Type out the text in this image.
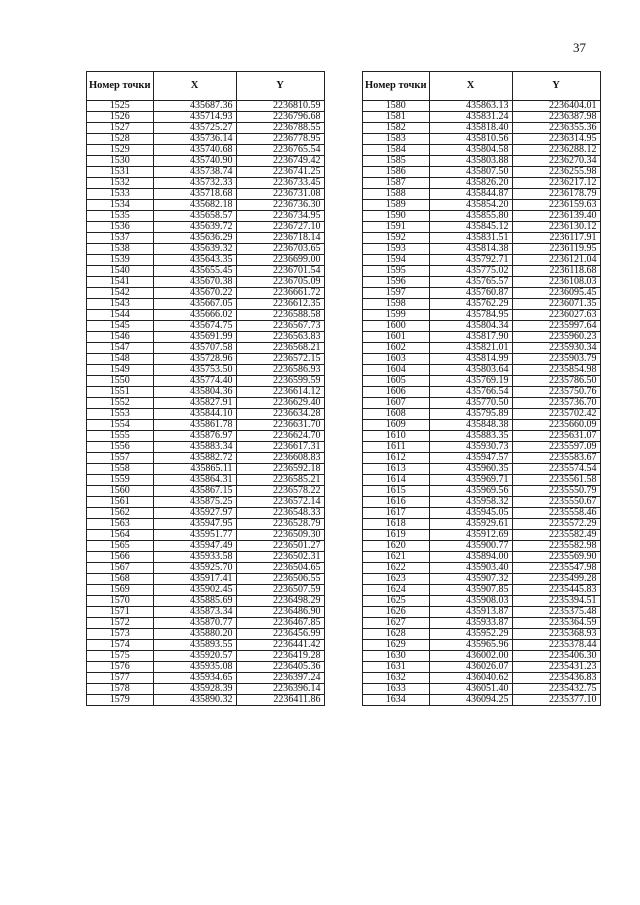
37
Номер точки	X	Y
1525	435687.36	2236810.59
1526	435714.93	2236796.68
1527	435725.27	2236788.55
1528	435736.14	2236778.95
1529	435740.68	2236765.54
1530	435740.90	2236749.42
1531	435738.74	2236741.25
1532	435732.33	2236733.45
1533	435718.68	2236731.08
1534	435682.18	2236736.30
1535	435658.57	2236734.95
1536	435639.72	2236727.10
1537	435636.29	2236718.14
1538	435639.32	2236703.65
1539	435643.35	2236699.00
1540	435655.45	2236701.54
1541	435670.38	2236705.09
1542	435670.22	2236661.72
1543	435667.05	2236612.35
1544	435666.02	2236588.58
1545	435674.75	2236567.73
1546	435691.99	2236563.83
1547	435707.58	2236568.21
1548	435728.96	2236572.15
1549	435753.50	2236586.93
1550	435774.40	2236599.59
1551	435804.36	2236614.12
1552	435827.91	2236629.40
1553	435844.10	2236634.28
1554	435861.78	2236631.70
1555	435876.97	2236624.70
1556	435883.34	2236617.31
1557	435882.72	2236608.83
1558	435865.11	2236592.18
1559	435864.31	2236585.21
1560	435867.15	2236578.22
1561	435875.25	2236572.14
1562	435927.97	2236548.33
1563	435947.95	2236528.79
1564	435951.77	2236509.30
1565	435947.49	2236501.27
1566	435933.58	2236502.31
1567	435925.70	2236504.65
1568	435917.41	2236506.55
1569	435902.45	2236507.59
1570	435885.69	2236498.29
1571	435873.34	2236486.90
1572	435870.77	2236467.85
1573	435880.20	2236456.99
1574	435893.55	2236441.42
1575	435920.57	2236419.28
1576	435935.08	2236405.36
1577	435934.65	2236397.24
1578	435928.39	2236396.14
1579	435890.32	2236411.86
Номер точки	X	Y
1580	435863.13	2236404.01
1581	435831.24	2236387.98
1582	435818.40	2236355.36
1583	435810.56	2236314.95
1584	435804.58	2236288.12
1585	435803.88	2236270.34
1586	435807.50	2236255.98
1587	435826.20	2236217.12
1588	435844.87	2236178.79
1589	435854.20	2236159.63
1590	435855.80	2236139.40
1591	435845.12	2236130.12
1592	435831.51	2236117.91
1593	435814.38	2236119.95
1594	435792.71	2236121.04
1595	435775.02	2236118.68
1596	435765.57	2236108.03
1597	435760.87	2236095.45
1598	435762.29	2236071.35
1599	435784.95	2236027.63
1600	435804.34	2235997.64
1601	435817.90	2235960.23
1602	435821.01	2235930.34
1603	435814.99	2235903.79
1604	435803.64	2235854.98
1605	435769.19	2235786.50
1606	435766.54	2235750.76
1607	435770.50	2235736.70
1608	435795.89	2235702.42
1609	435848.38	2235660.09
1610	435883.35	2235631.07
1611	435930.73	2235597.09
1612	435947.57	2235583.67
1613	435960.35	2235574.54
1614	435969.71	2235561.58
1615	435969.56	2235550.79
1616	435958.32	2235550.67
1617	435945.05	2235558.46
1618	435929.61	2235572.29
1619	435912.69	2235582.49
1620	435900.77	2235582.98
1621	435894.00	2235569.90
1622	435903.40	2235547.98
1623	435907.32	2235499.28
1624	435907.85	2235445.83
1625	435908.03	2235394.51
1626	435913.87	2235375.48
1627	435933.87	2235364.59
1628	435952.29	2235368.93
1629	435965.96	2235378.44
1630	436002.00	2235406.30
1631	436026.07	2235431.23
1632	436040.62	2235436.83
1633	436051.40	2235432.75
1634	436094.25	2235377.10
